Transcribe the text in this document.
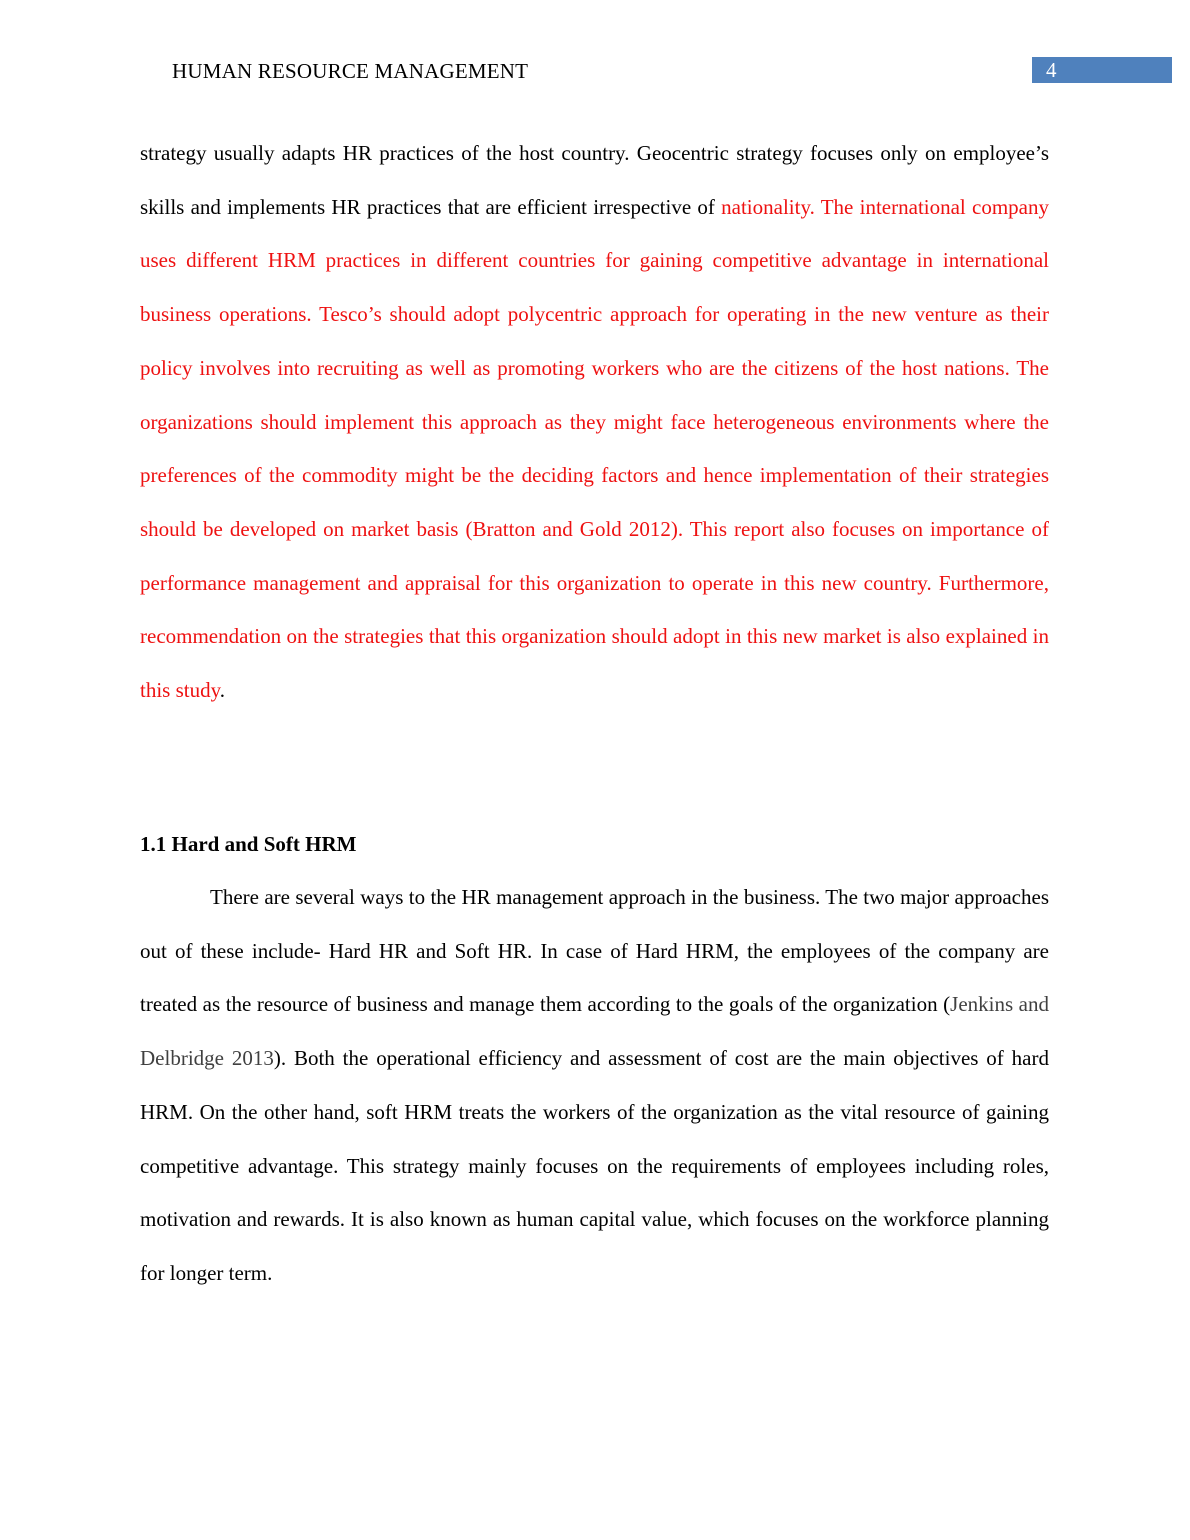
HUMAN RESOURCE MANAGEMENT	4

strategy usually adapts HR practices of the host country. Geocentric strategy focuses only on employee’s skills and implements HR practices that are efficient irrespective of nationality. The international company uses different HRM practices in different countries for gaining competitive advantage in international business operations. Tesco’s should adopt polycentric approach for operating in the new venture as their policy involves into recruiting as well as promoting workers who are the citizens of the host nations. The organizations should implement this approach as they might face heterogeneous environments where the preferences of the commodity might be the deciding factors and hence implementation of their strategies should be developed on market basis (Bratton and Gold 2012). This report also focuses on importance of performance management and appraisal for this organization to operate in this new country. Furthermore, recommendation on the strategies that this organization should adopt in this new market is also explained in this study.

1.1 Hard and Soft HRM

There are several ways to the HR management approach in the business. The two major approaches out of these include- Hard HR and Soft HR. In case of Hard HRM, the employees of the company are treated as the resource of business and manage them according to the goals of the organization (Jenkins and Delbridge 2013). Both the operational efficiency and assessment of cost are the main objectives of hard HRM. On the other hand, soft HRM treats the workers of the organization as the vital resource of gaining competitive advantage. This strategy mainly focuses on the requirements of employees including roles, motivation and rewards. It is also known as human capital value, which focuses on the workforce planning for longer term.
